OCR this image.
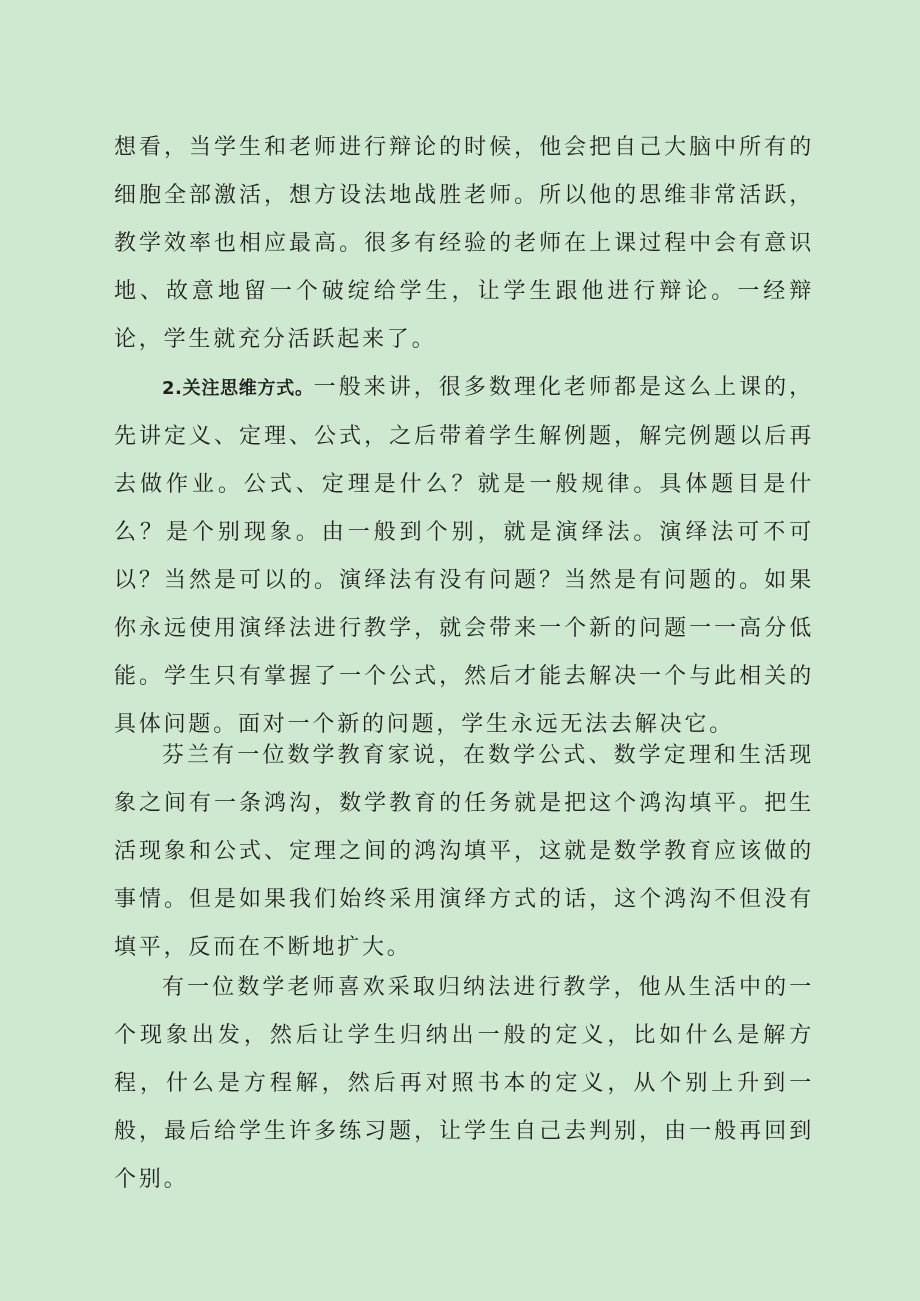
想看，当学生和老师进行辩论的时候，他会把自己大脑中所有的细胞全部激活，想方设法地战胜老师。所以他的思维非常活跃，教学效率也相应最高。很多有经验的老师在上课过程中会有意识地、故意地留一个破绽给学生，让学生跟他进行辩论。一经辩论，学生就充分活跃起来了。

2.关注思维方式。一般来讲，很多数理化老师都是这么上课的，先讲定义、定理、公式，之后带着学生解例题，解完例题以后再去做作业。公式、定理是什么？就是一般规律。具体题目是什么？是个别现象。由一般到个别，就是演绎法。演绎法可不可以？当然是可以的。演绎法有没有问题？当然是有问题的。如果你永远使用演绎法进行教学，就会带来一个新的问题一一高分低能。学生只有掌握了一个公式，然后才能去解决一个与此相关的具体问题。面对一个新的问题，学生永远无法去解决它。

芬兰有一位数学教育家说，在数学公式、数学定理和生活现象之间有一条鸿沟，数学教育的任务就是把这个鸿沟填平。把生活现象和公式、定理之间的鸿沟填平，这就是数学教育应该做的事情。但是如果我们始终采用演绎方式的话，这个鸿沟不但没有填平，反而在不断地扩大。

有一位数学老师喜欢采取归纳法进行教学，他从生活中的一个现象出发，然后让学生归纳出一般的定义，比如什么是解方程，什么是方程解，然后再对照书本的定义，从个别上升到一般，最后给学生许多练习题，让学生自己去判别，由一般再回到个别。
